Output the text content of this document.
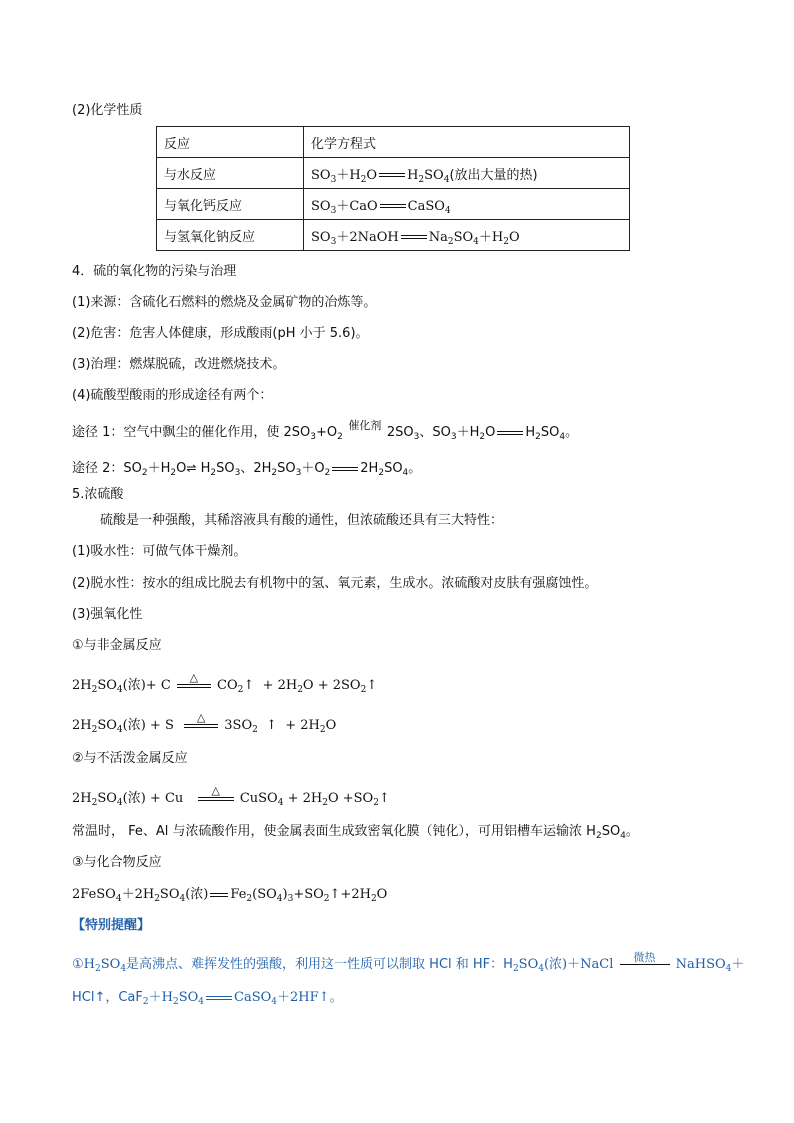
(2)化学性质
反应	化学方程式
与水反应	$SO_3+H_2O$ $H_2SO_4$(放出大量的热)
与氧化钙反应	$SO_3+CaO$ CaSO$_4$
与氢氧化钠反应	$SO_3+2NaOH$ $Na_2SO_4+H_2O$
4．硫的氧化物的污染与治理
(1)来源：含硫化石燃料的燃烧及金属矿物的冶炼等。
(2)危害：危害人体健康，形成酸雨(pH 小于 5.6)。
(3)治理：燃煤脱硫，改进燃烧技术。
(4)硫酸型酸雨的形成途径有两个：
途径 1：空气中飘尘的催化作用，使 $2SO_3+O_2$
催化剂 $2SO_3$、$SO_3+H_2O$ $H_2SO_4$。
途径 2：$SO_2+H_2O\rightleftharpoons$ $H_2SO_3$、$2H_2SO_3+O_2$ $2H_2SO_4$。
5.浓硫酸
硫酸是一种强酸，其稀溶液具有酸的通性，但浓硫酸还具有三大特性：
(1)吸水性：可做气体干燥剂。
(2)脱水性：按水的组成比脱去有机物中的氢、氧元素，生成水。浓硫酸对皮肤有强腐蚀性。
(3)强氧化性
①与非金属反应
$2H_2SO_4$(浓)+ C
△
$CO_2↑ + 2H_2O$ + $2SO_2↑$
$2H_2SO_4$(浓) + S
△
$3SO_2$  ↑  + $2H_2O$
②与不活泼金属反应
$2H_2SO_4$(浓) + Cu
△
CuSO$_4$ + $2H_2O$ $+SO_2↑$
常温时， Fe、Al 与浓硫酸作用，使金属表面生成致密氧化膜（钝化），可用铝槽车运输浓 $H_2SO_4$。
③与化合物反应
$2FeSO_4+2H_2SO_4$(浓) $Fe_2(SO_4)_3+SO_2↑+2H_2O$
【特别提醒】
$①H_2SO_4$是高沸点、难挥发性的强酸，利用这一性质可以制取 HCl 和 HF：$H_2SO_4$(浓)＋NaCl	微热	NaHSO$_4$＋
HCl↑，$CaF_2+H_2SO_4$ CaSO$_4$＋2HF↑。
